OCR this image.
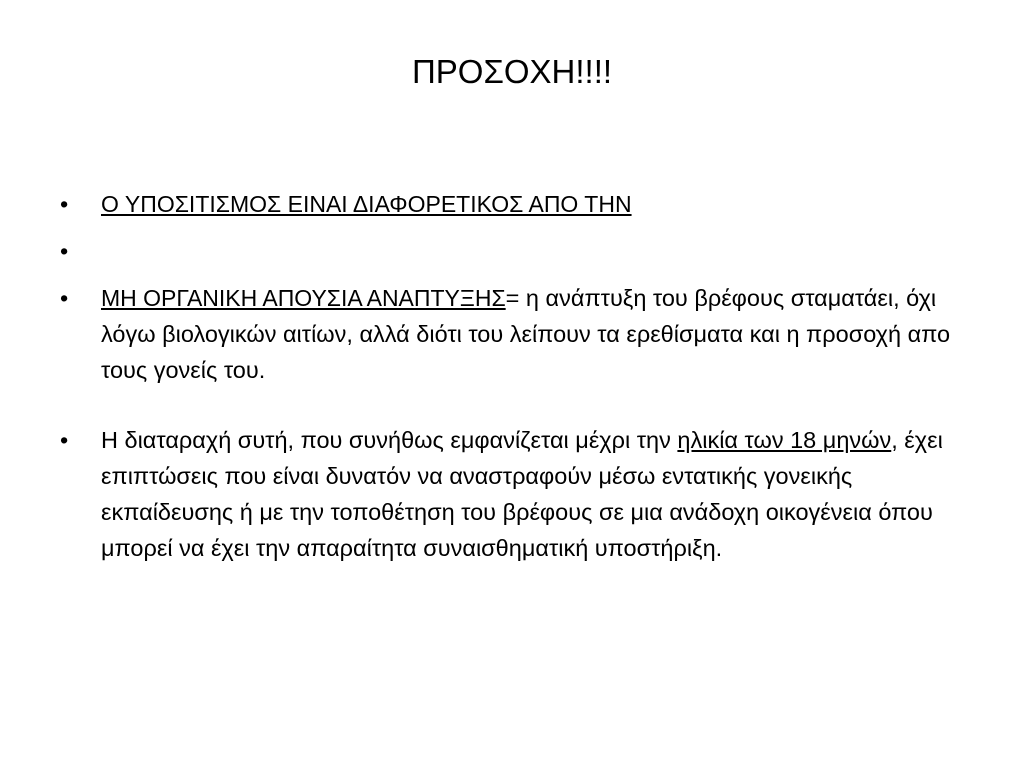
ΠΡΟΣΟΧΗ!!!!
•	Ο ΥΠΟΣΙΤΙΣΜΟΣ ΕΙΝΑΙ ΔΙΑΦΟΡΕΤΙΚΟΣ ΑΠΟ ΤΗΝ
•

•	ΜΗ ΟΡΓΑΝΙΚΗ ΑΠΟΥΣΙΑ ΑΝΑΠΤΥΞΗΣ= η ανάπτυξη του βρέφους σταματάει, όχι λόγω βιολογικών αιτίων, αλλά διότι του λείπουν τα ερεθίσματα και η προσοχή απο τους γονείς του.
•	Η διαταραχή συτή, που συνήθως εμφανίζεται μέχρι την ηλικία των 18 μηνών, έχει επιπτώσεις που είναι δυνατόν να αναστραφούν μέσω εντατικής γονεικής εκπαίδευσης ή με την τοποθέτηση του βρέφους σε μια ανάδοχη οικογένεια όπου μπορεί να έχει την απαραίτητα συναισθηματική υποστήριξη.
